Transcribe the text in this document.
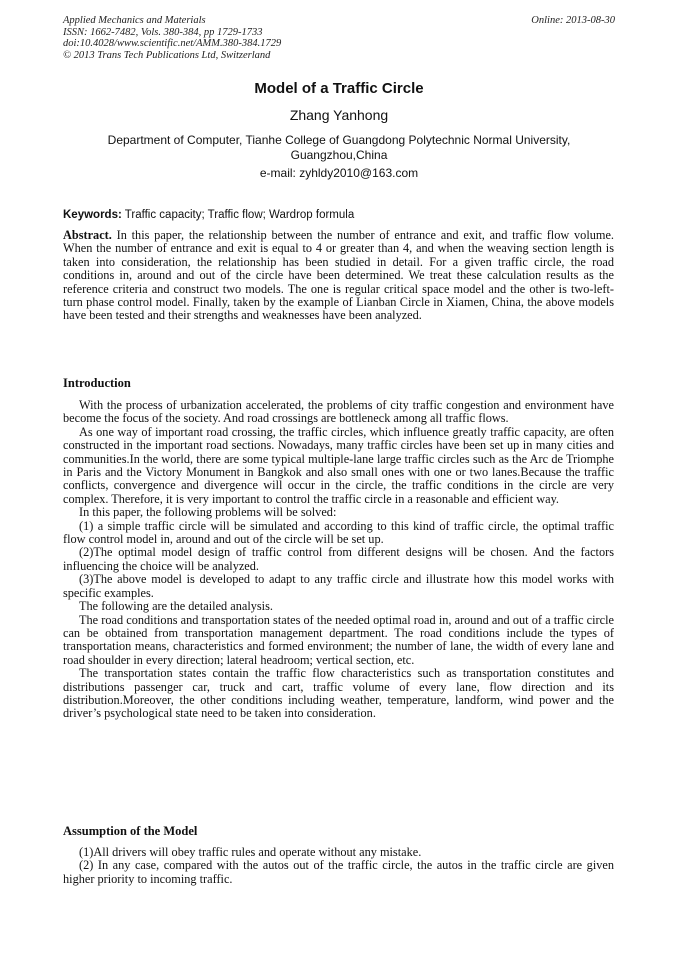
Applied Mechanics and Materials
ISSN: 1662-7482, Vols. 380-384, pp 1729-1733
doi:10.4028/www.scientific.net/AMM.380-384.1729
© 2013 Trans Tech Publications Ltd, Switzerland
Online: 2013-08-30
Model of a Traffic Circle
Zhang Yanhong
Department of Computer, Tianhe College of Guangdong Polytechnic Normal University, Guangzhou,China
e-mail: zyhldy2010@163.com
Keywords: Traffic capacity; Traffic flow; Wardrop formula

Abstract. In this paper, the relationship between the number of entrance and exit, and traffic flow volume. When the number of entrance and exit is equal to 4 or greater than 4, and when the weaving section length is taken into consideration, the relationship has been studied in detail. For a given traffic circle, the road conditions in, around and out of the circle have been determined. We treat these calculation results as the reference criteria and construct two models. The one is regular critical space model and the other is two-left-turn phase control model. Finally, taken by the example of Lianban Circle in Xiamen, China, the above models have been tested and their strengths and weaknesses have been analyzed.

Introduction

With the process of urbanization accelerated, the problems of city traffic congestion and environment have become the focus of the society. And road crossings are bottleneck among all traffic flows.

As one way of important road crossing, the traffic circles, which influence greatly traffic capacity, are often constructed in the important road sections. Nowadays, many traffic circles have been set up in many cities and communities.In the world, there are some typical multiple-lane large traffic circles such as the Arc de Triomphe in Paris and the Victory Monument in Bangkok and also small ones with one or two lanes.Because the traffic conflicts, convergence and divergence will occur in the circle, the traffic conditions in the circle are very complex. Therefore, it is very important to control the traffic circle in a reasonable and efficient way.

In this paper, the following problems will be solved:

(1) a simple traffic circle will be simulated and according to this kind of traffic circle, the optimal traffic flow control model in, around and out of the circle will be set up.

(2)The optimal model design of traffic control from different designs will be chosen. And the factors influencing the choice will be analyzed.

(3)The above model is developed to adapt to any traffic circle and illustrate how this model works with specific examples.

The following are the detailed analysis.

The road conditions and transportation states of the needed optimal road in, around and out of a traffic circle can be obtained from transportation management department. The road conditions include the types of transportation means, characteristics and formed environment; the number of lane, the width of every lane and road shoulder in every direction; lateral headroom; vertical section, etc.

The transportation states contain the traffic flow characteristics such as transportation constitutes and distributions passenger car, truck and cart, traffic volume of every lane, flow direction and its distribution.Moreover, the other conditions including weather, temperature, landform, wind power and the driver’s psychological state need to be taken into consideration.

Assumption of the Model

(1)All drivers will obey traffic rules and operate without any mistake.

(2) In any case, compared with the autos out of the traffic circle, the autos in the traffic circle are given higher priority to incoming traffic.
